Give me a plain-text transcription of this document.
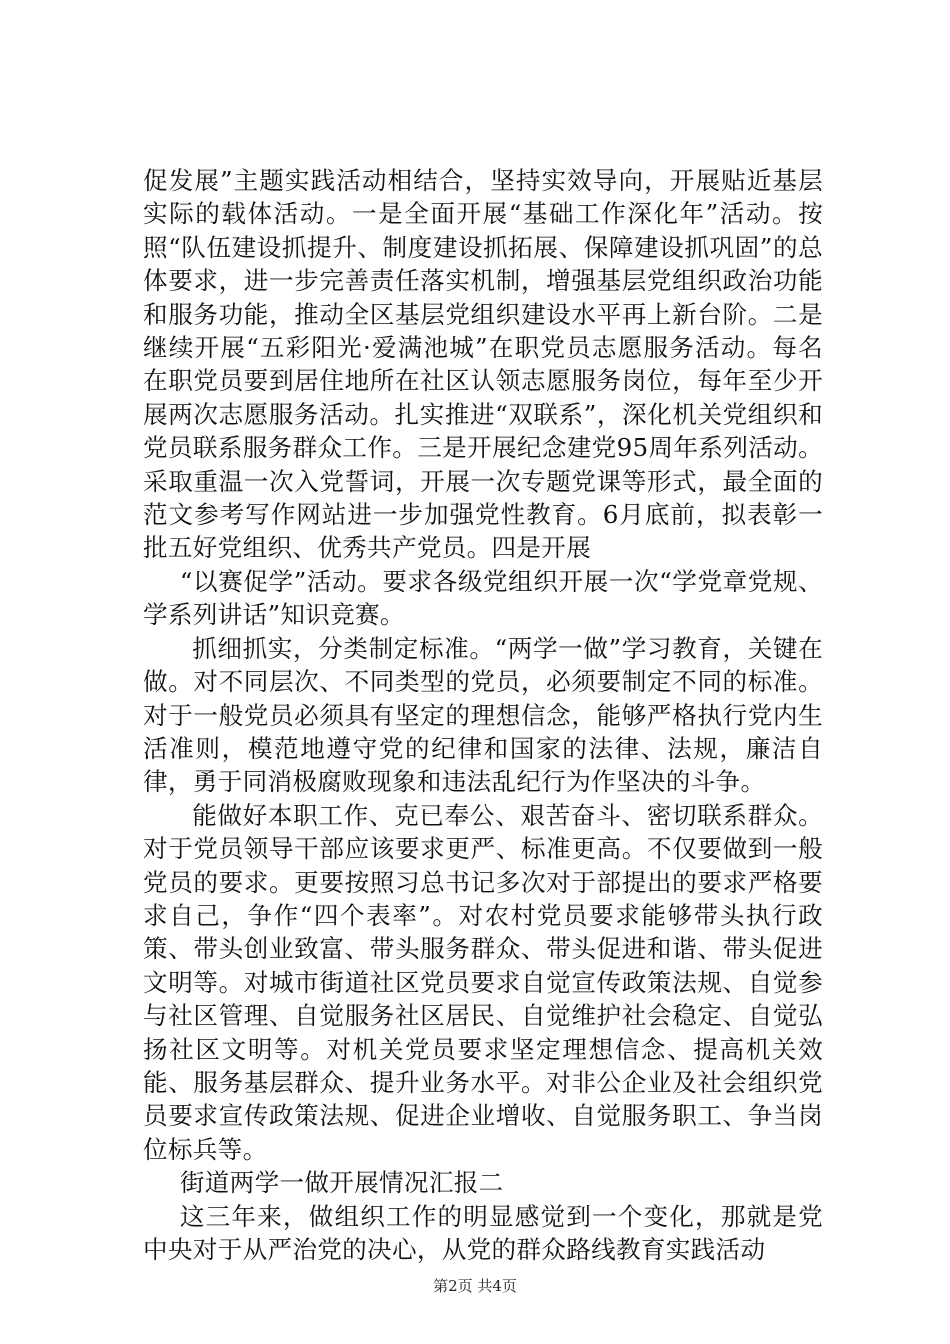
促发展”主题实践活动相结合，坚持实效导向，开展贴近基层实际的载体活动。一是全面开展“基础工作深化年”活动。按照“队伍建设抓提升、制度建设抓拓展、保障建设抓巩固”的总体要求，进一步完善责任落实机制，增强基层党组织政治功能和服务功能，推动全区基层党组织建设水平再上新台阶。二是继续开展“五彩阳光·爱满池城”在职党员志愿服务活动。每名在职党员要到居住地所在社区认领志愿服务岗位，每年至少开展两次志愿服务活动。扎实推进“双联系”，深化机关党组织和党员联系服务群众工作。三是开展纪念建党95周年系列活动。采取重温一次入党誓词，开展一次专题党课等形式，最全面的范文参考写作网站进一步加强党性教育。6月底前，拟表彰一批五好党组织、优秀共产党员。四是开展

“以赛促学”活动。要求各级党组织开展一次“学党章党规、学系列讲话”知识竞赛。

抓细抓实，分类制定标准。“两学一做”学习教育，关键在做。对不同层次、不同类型的党员，必须要制定不同的标准。对于一般党员必须具有坚定的理想信念，能够严格执行党内生活准则，模范地遵守党的纪律和国家的法律、法规，廉洁自律，勇于同消极腐败现象和违法乱纪行为作坚决的斗争。

能做好本职工作、克已奉公、艰苦奋斗、密切联系群众。对于党员领导干部应该要求更严、标准更高。不仅要做到一般党员的要求。更要按照习总书记多次对于部提出的要求严格要求自己，争作“四个表率”。对农村党员要求能够带头执行政策、带头创业致富、带头服务群众、带头促进和谐、带头促进文明等。对城市街道社区党员要求自觉宣传政策法规、自觉参与社区管理、自觉服务社区居民、自觉维护社会稳定、自觉弘扬社区文明等。对机关党员要求坚定理想信念、提高机关效能、服务基层群众、提升业务水平。对非公企业及社会组织党员要求宣传政策法规、促进企业增收、自觉服务职工、争当岗位标兵等。

街道两学一做开展情况汇报二

这三年来，做组织工作的明显感觉到一个变化，那就是党中央对于从严治党的决心，从党的群众路线教育实践活动

第2页 共4页
